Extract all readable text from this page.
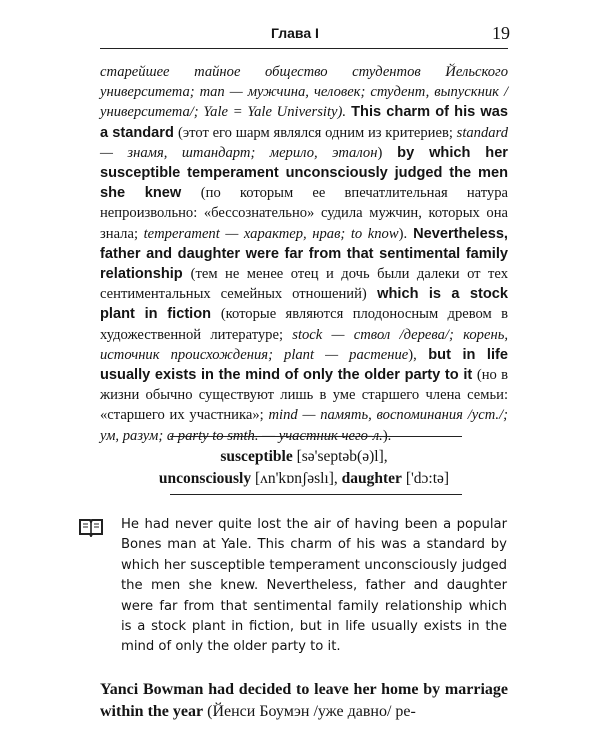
Глава I	19
старейшее тайное общество студентов Йельского университета; man — мужчина, человек; студент, выпускник /университета/; Yale = Yale University). This charm of his was a standard (этот его шарм являлся одним из критериев; standard — знамя, штандарт; мерило, эталон) by which her susceptible temperament unconsciously judged the men she knew (по которым ее впечатлительная натура непроизвольно: «бессознательно» судила мужчин, которых она знала; temperament — характер, нрав; to know). Nevertheless, father and daughter were far from that sentimental family relationship (тем не менее отец и дочь были далеки от тех сентиментальных семейных отношений) which is a stock plant in fiction (которые являются плодоносным древом в художественной литературе; stock — ствол /дерева/; корень, источник происхождения; plant — растение), but in life usually exists in the mind of only the older party to it (но в жизни обычно существуют лишь в уме старшего члена семьи: «старшего их участника»; mind — память, воспоминания /уст./; ум, разум; a party to smth. — участник чего-л.).
susceptible [sə'septəb(ə)l],
unconsciously [ʌn'kɒnʃəslı], daughter ['dɔ:tə]
He had never quite lost the air of having been a popular Bones man at Yale. This charm of his was a standard by which her susceptible temperament unconsciously judged the men she knew. Nevertheless, father and daughter were far from that sentimental family relationship which is a stock plant in fiction, but in life usually exists in the mind of only the older party to it.
Yanci Bowman had decided to leave her home by marriage within the year (Йенси Боумэн /уже давно/ ре-
